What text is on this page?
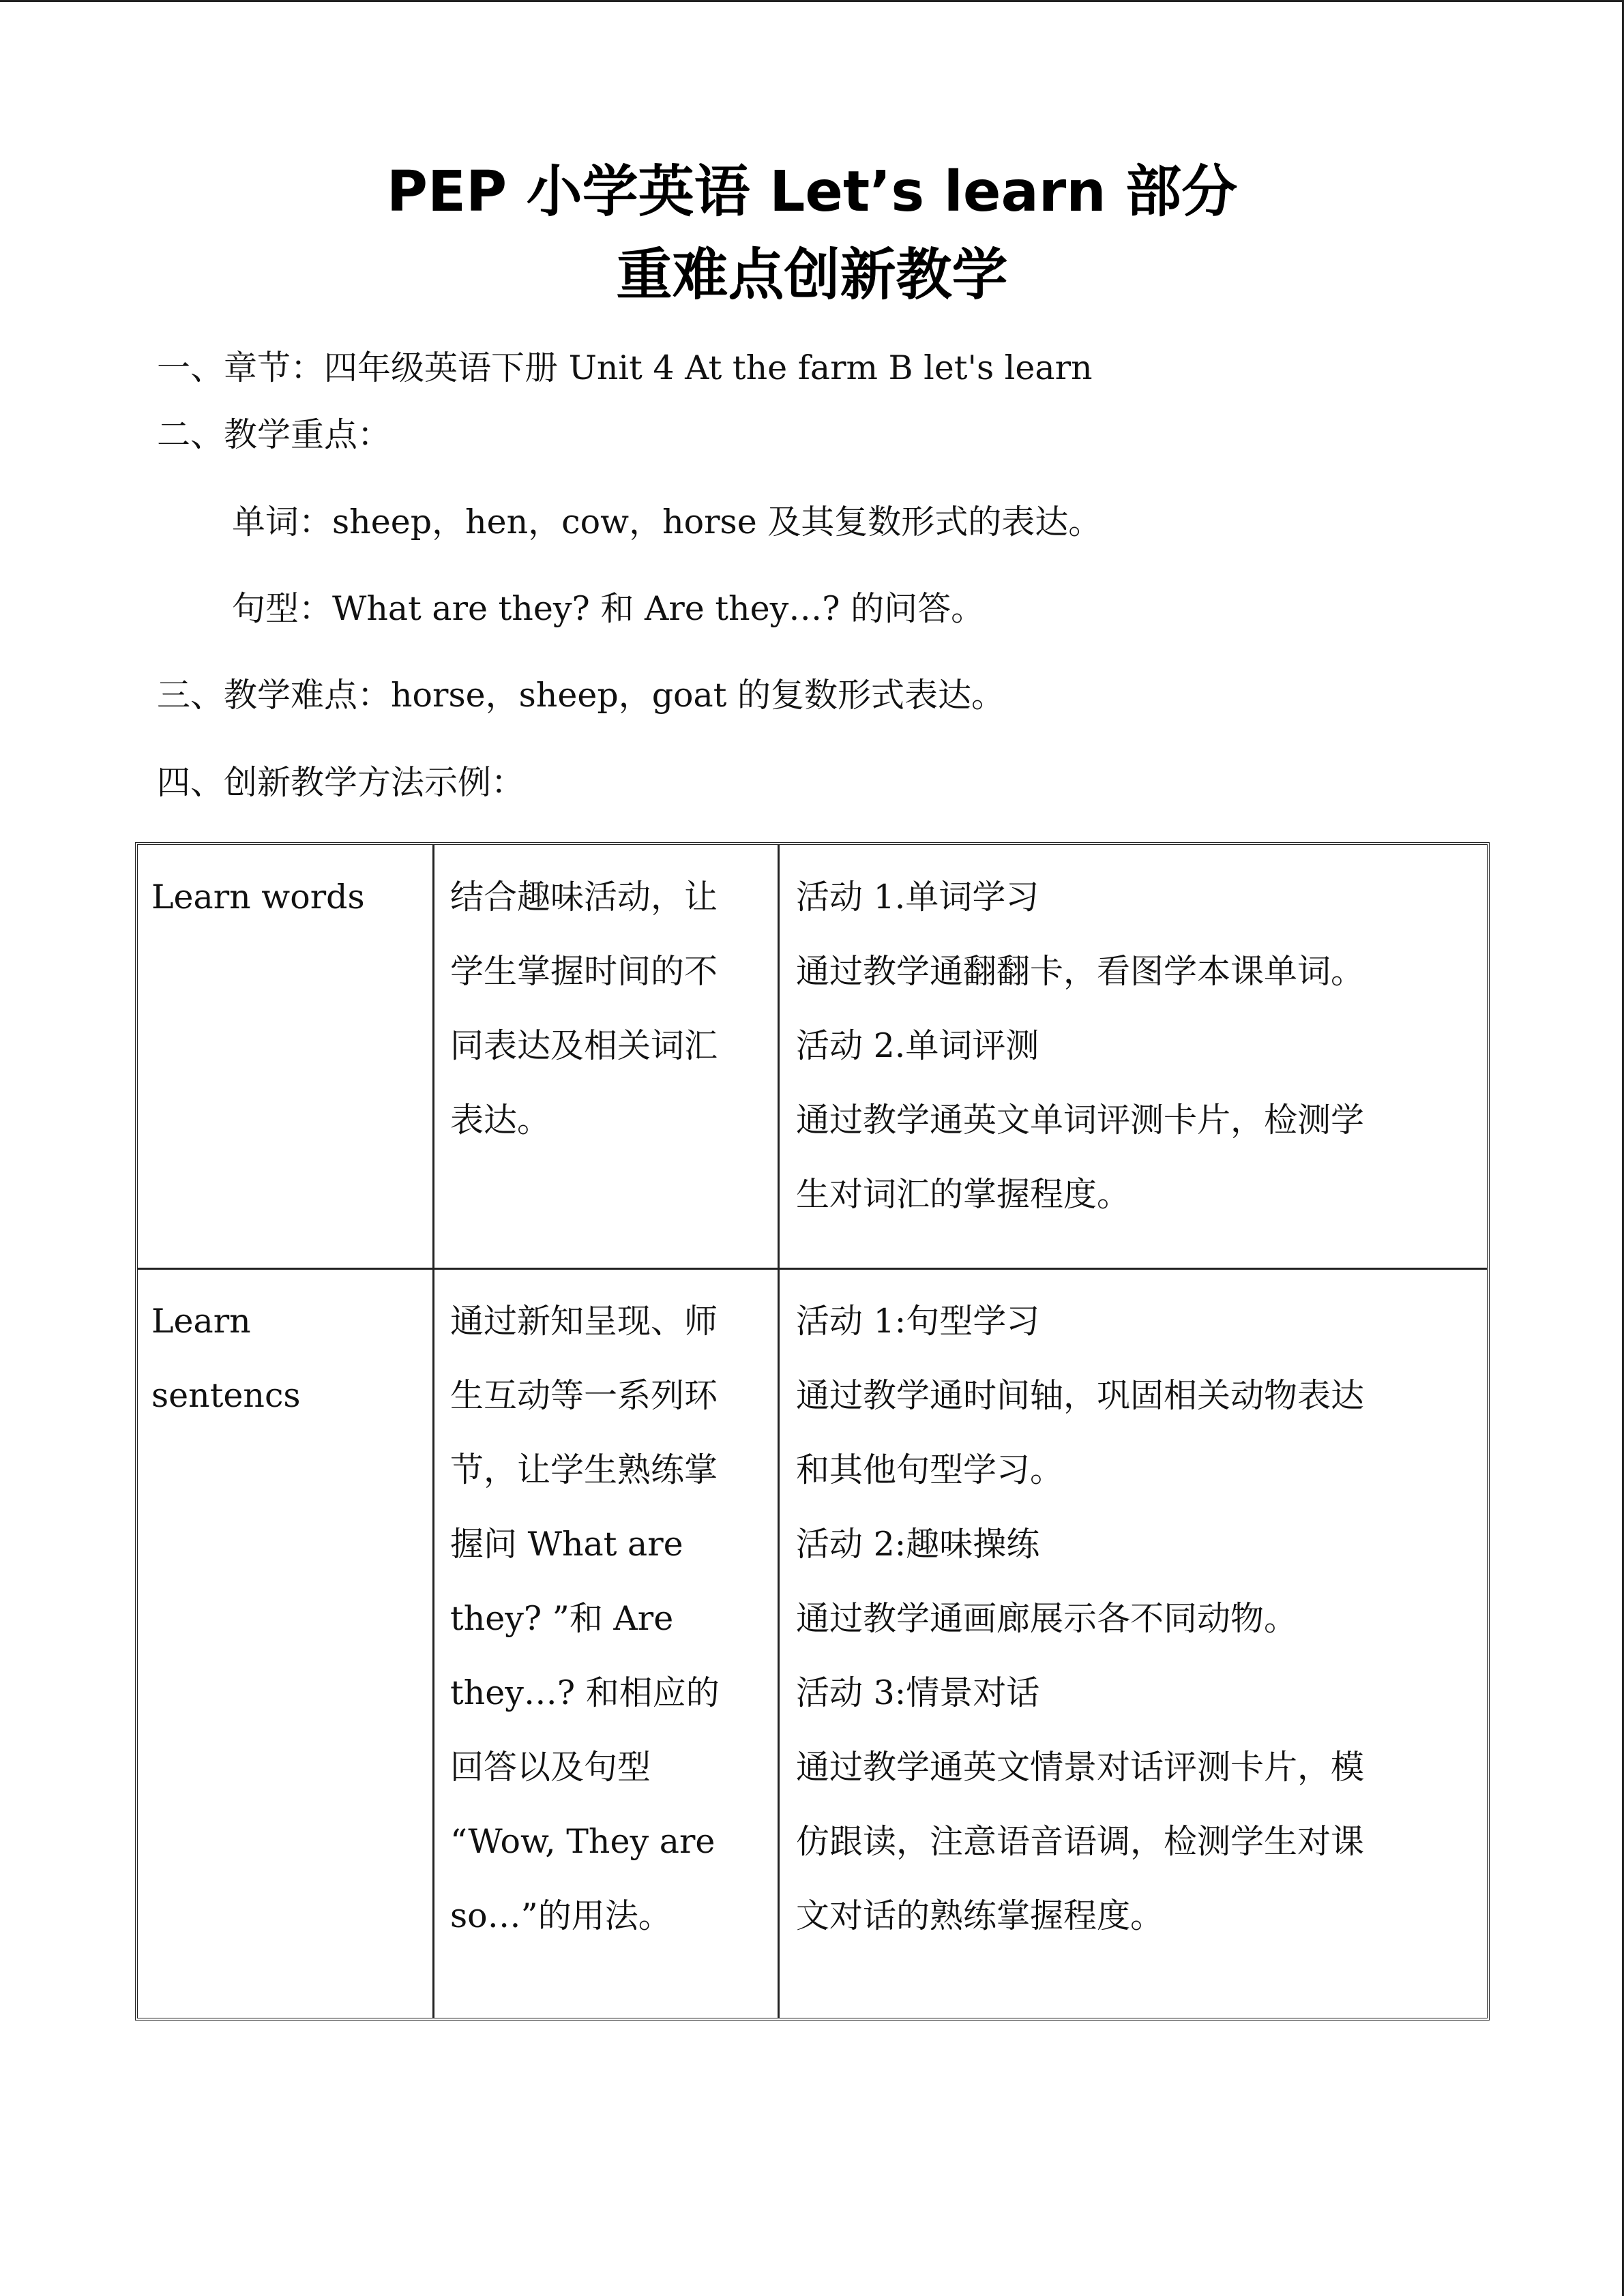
PEP 小学英语 Let’s learn 部分
重难点创新教学
一、章节：四年级英语下册 Unit 4 At the farm B let's learn
二、教学重点：
单词：sheep，hen，cow，horse 及其复数形式的表达。
句型：What are they? 和 Are they…? 的问答。
三、教学难点：horse，sheep，goat 的复数形式表达。
四、创新教学方法示例：

Learn words	结合趣味活动，让

学生掌握时间的不

同表达及相关词汇

表达。

活动 1.单词学习

通过教学通翻翻卡，看图学本课单词。

活动 2.单词评测

通过教学通英文单词评测卡片，检测学

生对词汇的掌握程度。

Learn

sentencs

通过新知呈现、师

生互动等一系列环

节，让学生熟练掌

握问 What are

they? ”和 Are

they…? 和相应的

回答以及句型

“Wow, They are

so…”的用法。

活动 1:句型学习

通过教学通时间轴，巩固相关动物表达

和其他句型学习。

活动 2:趣味操练

通过教学通画廊展示各不同动物。

活动 3:情景对话

通过教学通英文情景对话评测卡片，模

仿跟读，注意语音语调，检测学生对课

文对话的熟练掌握程度。
